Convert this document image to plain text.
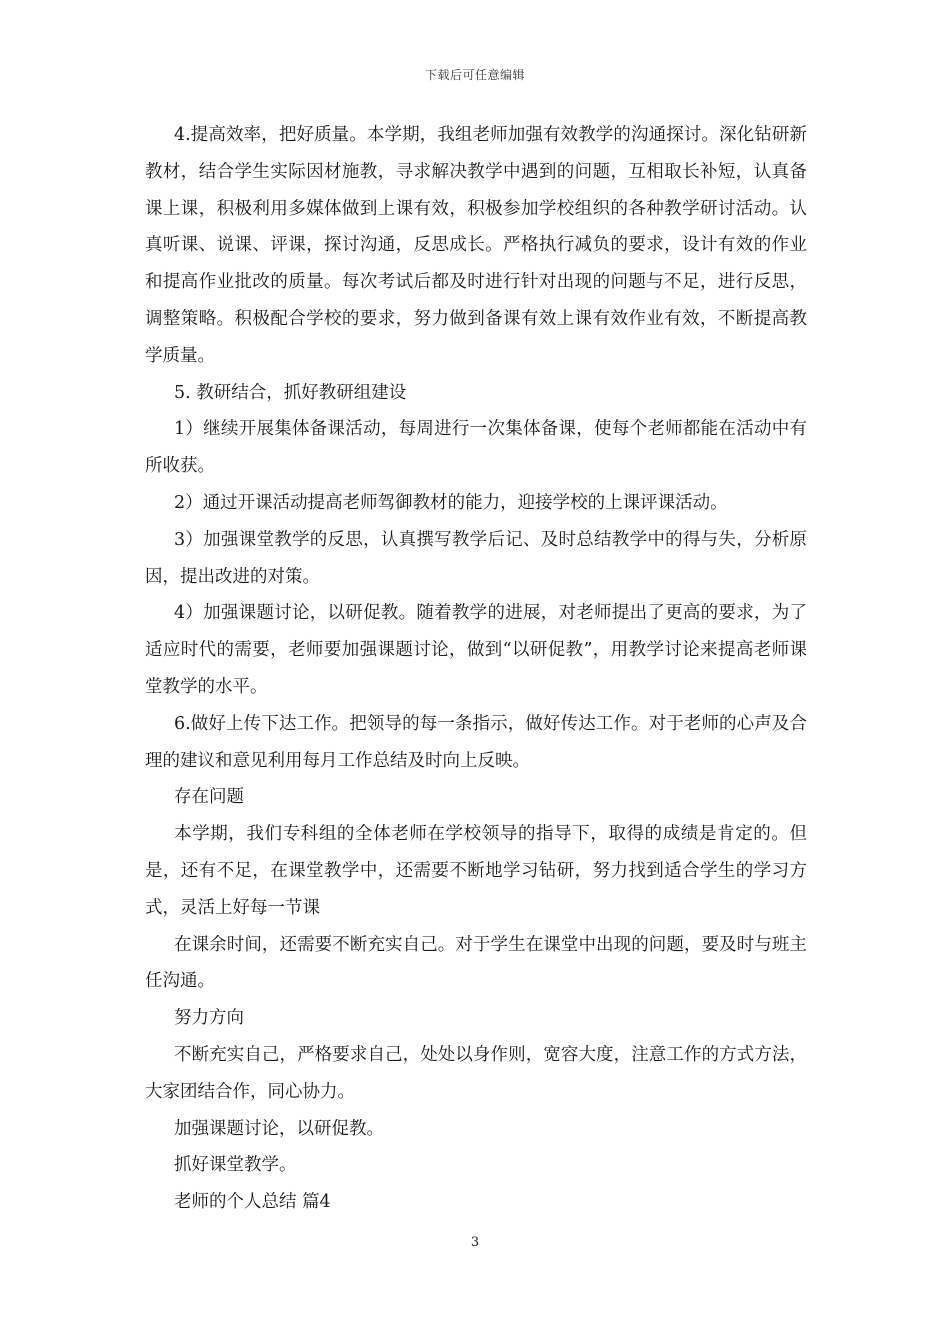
下载后可任意编辑

4.提高效率，把好质量。本学期，我组老师加强有效教学的沟通探讨。深化钻研新教材，结合学生实际因材施教，寻求解决教学中遇到的问题，互相取长补短，认真备课上课，积极利用多媒体做到上课有效，积极参加学校组织的各种教学研讨活动。认真听课、说课、评课，探讨沟通，反思成长。严格执行减负的要求，设计有效的作业和提高作业批改的质量。每次考试后都及时进行针对出现的问题与不足，进行反思，调整策略。积极配合学校的要求，努力做到备课有效上课有效作业有效，不断提高教学质量。

5. 教研结合，抓好教研组建设

1）继续开展集体备课活动，每周进行一次集体备课，使每个老师都能在活动中有所收获。

2）通过开课活动提高老师驾御教材的能力，迎接学校的上课评课活动。

3）加强课堂教学的反思，认真撰写教学后记、及时总结教学中的得与失，分析原因，提出改进的对策。

4）加强课题讨论，以研促教。随着教学的进展，对老师提出了更高的要求，为了适应时代的需要，老师要加强课题讨论，做到“以研促教”，用教学讨论来提高老师课堂教学的水平。

6.做好上传下达工作。把领导的每一条指示，做好传达工作。对于老师的心声及合理的建议和意见利用每月工作总结及时向上反映。

存在问题

本学期，我们专科组的全体老师在学校领导的指导下，取得的成绩是肯定的。但是，还有不足，在课堂教学中，还需要不断地学习钻研，努力找到适合学生的学习方式，灵活上好每一节课

在课余时间，还需要不断充实自己。对于学生在课堂中出现的问题，要及时与班主任沟通。

努力方向

不断充实自己，严格要求自己，处处以身作则，宽容大度，注意工作的方式方法，大家团结合作，同心协力。

加强课题讨论，以研促教。

抓好课堂教学。

老师的个人总结 篇4

3
